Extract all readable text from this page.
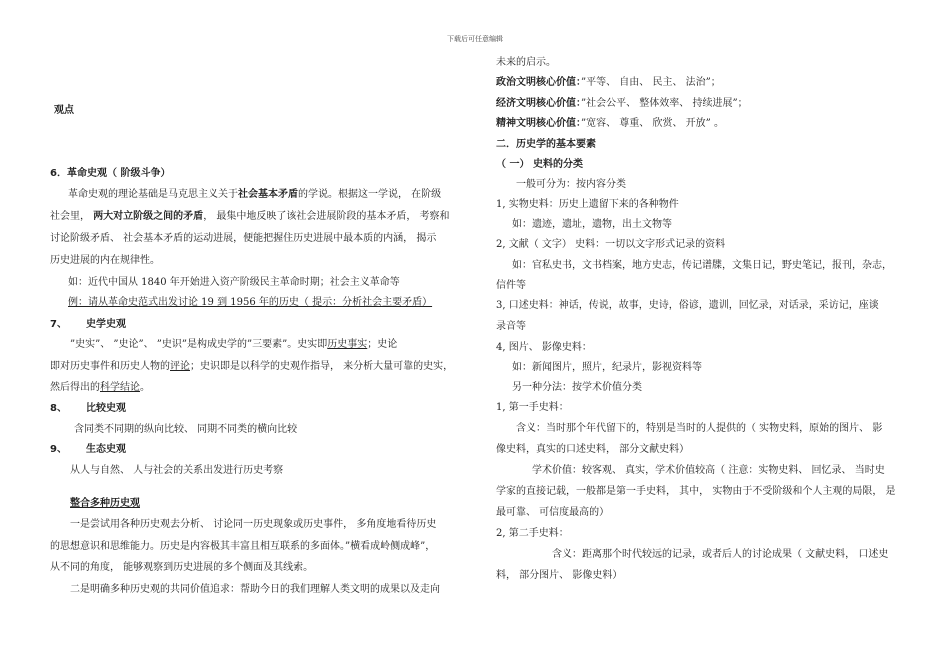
下载后可任意编辑
观点
6．革命史观（ 阶级斗争）
革命史观的理论基础是马克思主义关于社会基本矛盾的学说。根据这一学说， 在阶级
社会里， 两大对立阶级之间的矛盾， 最集中地反映了该社会进展阶段的基本矛盾， 考察和
讨论阶级矛盾、 社会基本矛盾的运动进展，便能把握住历史进展中最本质的内涵， 揭示
历史进展的内在规律性。
如：近代中国从 1840 年开始进入资产阶级民主革命时期；社会主义革命等
例：请从革命史范式出发讨论 19 到 1956 年的历史（ 提示：分析社会主要矛盾）
7、 史学史观
”史实”、 ”史论”、 ”史识”是构成史学的”三要素”。史实即历史事实；史论
即对历史事件和历史人物的评论；史识即是以科学的史观作指导， 来分析大量可靠的史实，
然后得出的科学结论。
8、 比较史观
含同类不同期的纵向比较、 同期不同类的横向比较
9、 生态史观
从人与自然、 人与社会的关系出发进行历史考察
整合多种历史观
一是尝试用各种历史观去分析、 讨论同一历史现象或历史事件， 多角度地看待历史
的思想意识和思维能力。历史是内容极其丰富且相互联系的多面体。”横看成岭侧成峰”，
从不同的角度， 能够观察到历史进展的多个侧面及其线索。
二是明确多种历史观的共同价值追求：帮助今日的我们理解人类文明的成果以及走向
未来的启示。
政治文明核心价值：”平等、 自由、 民主、 法治”；
经济文明核心价值：”社会公平、 整体效率、 持续进展”；
精神文明核心价值：”宽容、 尊重、 欣赏、 开放” 。
二．历史学的基本要素
（ 一） 史料的分类
一般可分为：按内容分类
1, 实物史料：历史上遗留下来的各种物件
如：遗迹，遗址，遗物，出土文物等
2, 文献（ 文字） 史料：一切以文字形式记录的资料
如：官私史书，文书档案，地方史志，传记谱牒，文集日记，野史笔记，报刊，杂志，
信件等
3, 口述史料：神话，传说，故事，史诗，俗谚，遗训，回忆录，对话录，采访记，座谈
录音等
4, 图片、 影像史料：
如：新闻图片，照片，纪录片，影视资料等
另一种分法：按学术价值分类
1, 第一手史料：
含义：当时那个年代留下的，特别是当时的人提供的（ 实物史料，原始的图片、 影
像史料，真实的口述史料， 部分文献史料）
学术价值：较客观、 真实，学术价值较高（ 注意：实物史料、 回忆录、 当时史
学家的直接记载，一般都是第一手史料， 其中， 实物由于不受阶级和个人主观的局限， 是
最可靠、 可信度最高的）
2, 第二手史料：
含义：距离那个时代较远的记录，或者后人的讨论成果（ 文献史料， 口述史
料， 部分图片、 影像史料）
